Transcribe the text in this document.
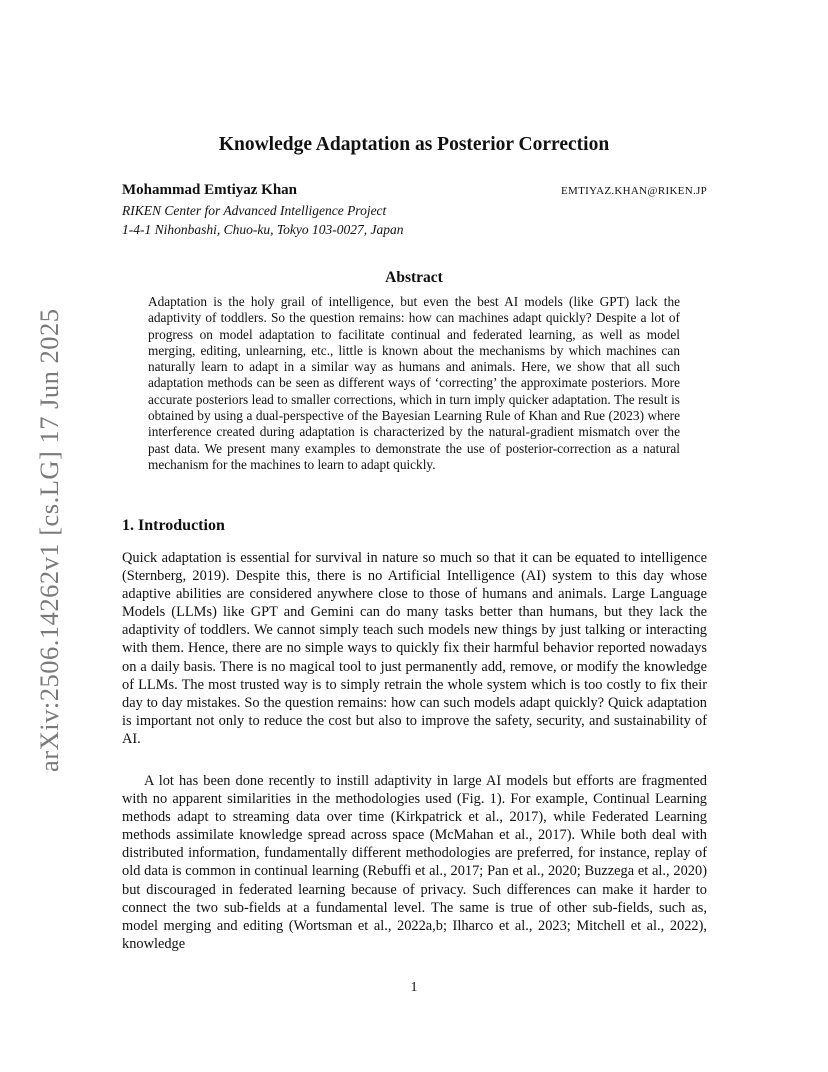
arXiv:2506.14262v1 [cs.LG] 17 Jun 2025
Knowledge Adaptation as Posterior Correction
Mohammad Emtiyaz Khan	EMTIYAZ.KHAN@RIKEN.JP
RIKEN Center for Advanced Intelligence Project
1-4-1 Nihonbashi, Chuo-ku, Tokyo 103-0027, Japan
Abstract
Adaptation is the holy grail of intelligence, but even the best AI models (like GPT) lack the adaptivity of toddlers. So the question remains: how can machines adapt quickly? Despite a lot of progress on model adaptation to facilitate continual and federated learning, as well as model merging, editing, unlearning, etc., little is known about the mechanisms by which machines can naturally learn to adapt in a similar way as humans and animals. Here, we show that all such adaptation methods can be seen as different ways of ‘correcting’ the approximate posteriors. More accurate posteriors lead to smaller corrections, which in turn imply quicker adaptation. The result is obtained by using a dual-perspective of the Bayesian Learning Rule of Khan and Rue (2023) where interference created during adaptation is characterized by the natural-gradient mismatch over the past data. We present many examples to demonstrate the use of posterior-correction as a natural mechanism for the machines to learn to adapt quickly.
1. Introduction

Quick adaptation is essential for survival in nature so much so that it can be equated to intelligence (Sternberg, 2019). Despite this, there is no Artificial Intelligence (AI) system to this day whose adaptive abilities are considered anywhere close to those of humans and animals. Large Language Models (LLMs) like GPT and Gemini can do many tasks better than humans, but they lack the adaptivity of toddlers. We cannot simply teach such models new things by just talking or interacting with them. Hence, there are no simple ways to quickly fix their harmful behavior reported nowadays on a daily basis. There is no magical tool to just permanently add, remove, or modify the knowledge of LLMs. The most trusted way is to simply retrain the whole system which is too costly to fix their day to day mistakes. So the question remains: how can such models adapt quickly? Quick adaptation is important not only to reduce the cost but also to improve the safety, security, and sustainability of AI.

A lot has been done recently to instill adaptivity in large AI models but efforts are fragmented with no apparent similarities in the methodologies used (Fig. 1). For example, Continual Learning methods adapt to streaming data over time (Kirkpatrick et al., 2017), while Federated Learning methods assimilate knowledge spread across space (McMahan et al., 2017). While both deal with distributed information, fundamentally different methodologies are preferred, for instance, replay of old data is common in continual learning (Rebuffi et al., 2017; Pan et al., 2020; Buzzega et al., 2020) but discouraged in federated learning because of privacy. Such differences can make it harder to connect the two sub-fields at a fundamental level. The same is true of other sub-fields, such as, model merging and editing (Wortsman et al., 2022a,b; Ilharco et al., 2023; Mitchell et al., 2022), knowledge

1
